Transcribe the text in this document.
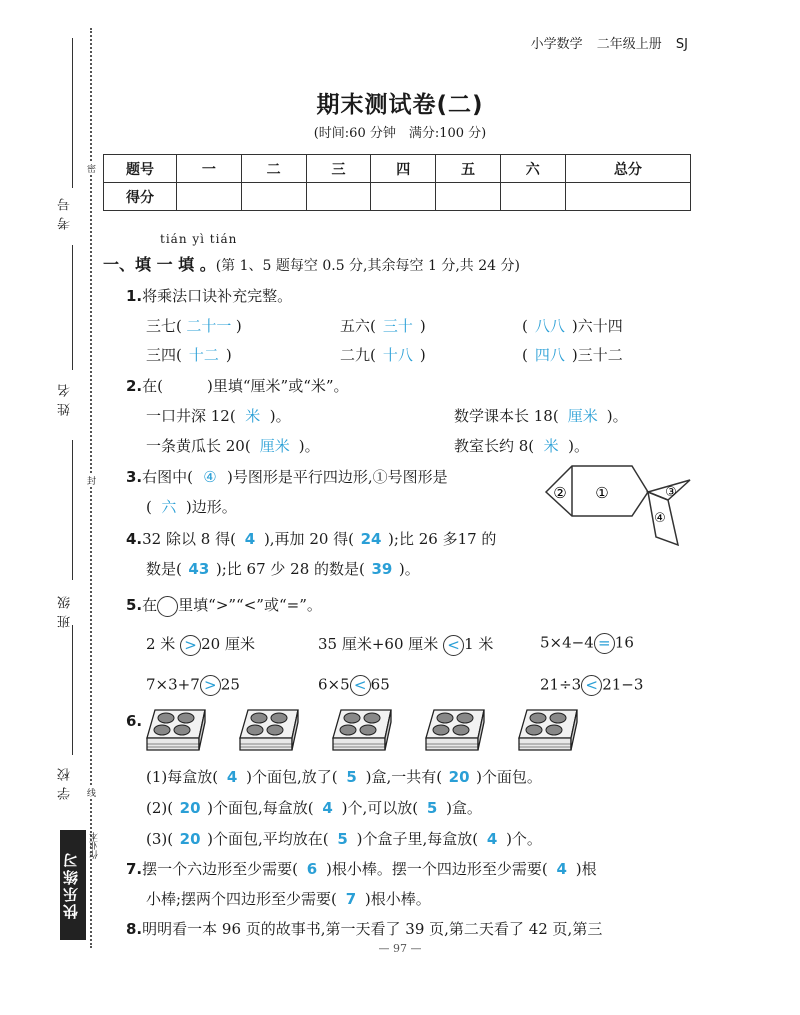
考号
姓名
班级
学校
密
封
线
快乐练习
作业本
小学数学 二年级上册 SJ
期末测试卷(二)
(时间:60 分钟　满分:100 分)
题号	一	二	三	四	五	六	总分
得分							
tián yì tián
一、填 一 填 。(第 1、5 题每空 0.5 分,其余每空 1 分,共 24 分)
1.将乘法口诀补充完整。
三七( 二十一 )	五六( 三十 )	( 八八 )六十四
三四( 十二 )	二九( 十八 )	( 四八 )三十二
2.在(	)里填“厘米”或“米”。
一口井深 12( 米 )。	数学课本长 18( 厘米 )。
一条黄瓜长 20( 厘米 )。	教室长约 8( 米 )。
3.右图中( ④ )号图形是平行四边形,①号图形是
( 六 )边形。
①
②	③
④
4.32 除以 8 得( 4 ),再加 20 得( 24 );比 26 多17 的
数是( 43 );比 67 少 28 的数是( 39 )。
5.在 里填“>”“<”或“=”。
2 米 > 20 厘米	35 厘米+60 厘米 < 1 米	5×4−4 = 16
7×3+7 > 25	6×5 < 65	21÷3 < 21−3
6.
(1)每盒放( 4 )个面包,放了( 5 )盒,一共有( 20 )个面包。
(2)( 20 )个面包,每盒放( 4 )个,可以放( 5 )盒。
(3)( 20 )个面包,平均放在( 5 )个盒子里,每盒放( 4 )个。
7.摆一个六边形至少需要( 6 )根小棒。摆一个四边形至少需要( 4 )根
小棒;摆两个四边形至少需要( 7 )根小棒。
8.明明看一本 96 页的故事书,第一天看了 39 页,第二天看了 42 页,第三
— 97 —
